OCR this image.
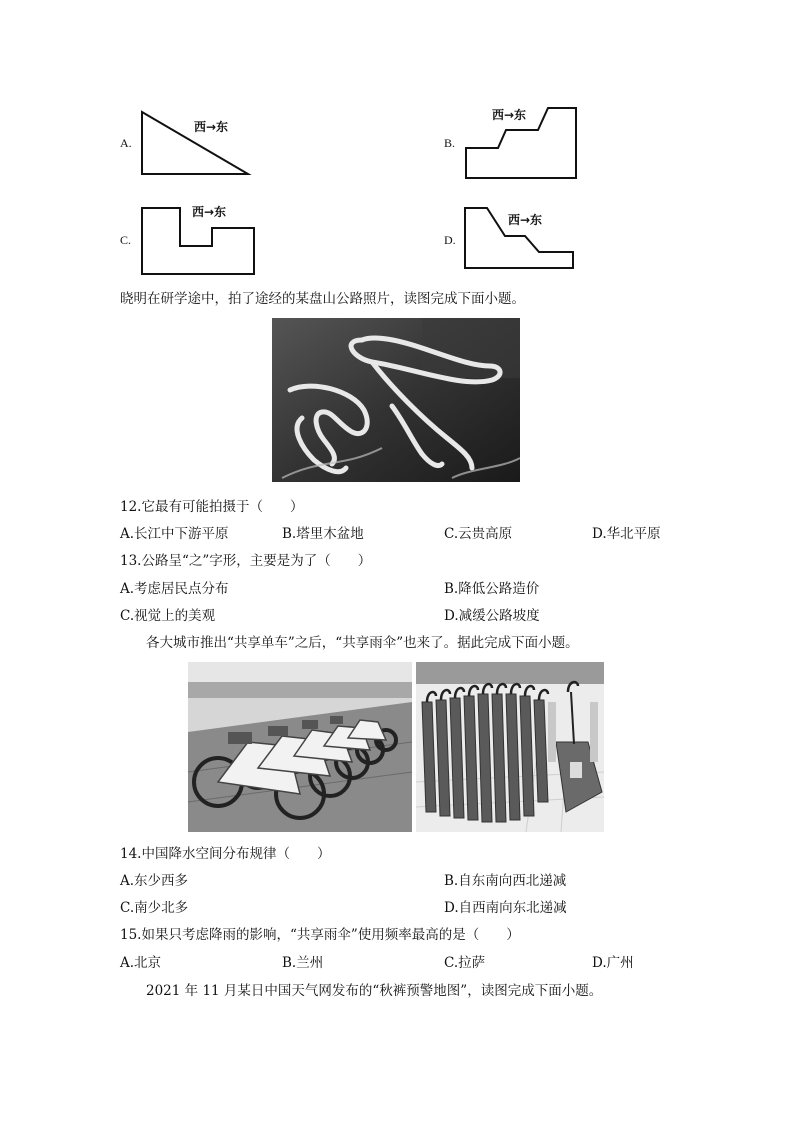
A.
西→东
B.
西→东
C.
西→东
D.
西→东
晓明在研学途中，拍了途经的某盘山公路照片，读图完成下面小题。
12.它最有可能拍摄于（　　）
A.长江中下游平原	B.塔里木盆地	C.云贵高原	D.华北平原
13.公路呈“之”字形，主要是为了（　　）
A.考虑居民点分布	B.降低公路造价
C.视觉上的美观	D.减缓公路坡度
各大城市推出“共享单车”之后，“共享雨伞”也来了。据此完成下面小题。
14.中国降水空间分布规律（　　）
A.东少西多	B.自东南向西北递减
C.南少北多	D.自西南向东北递减
15.如果只考虑降雨的影响，“共享雨伞”使用频率最高的是（　　）
A.北京	B.兰州	C.拉萨	D.广州
2021 年 11 月某日中国天气网发布的“秋裤预警地图”，读图完成下面小题。
